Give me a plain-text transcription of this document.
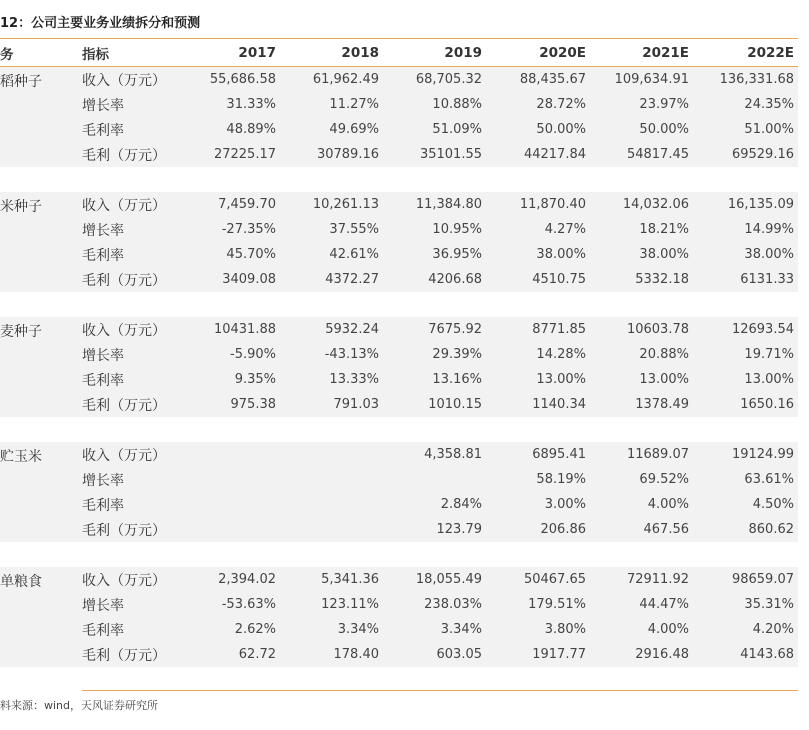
12：公司主要业务业绩拆分和预测
务	指标	2017	2018	2019	2020E	2021E	2022E
稻种子	收入（万元）	55,686.58	61,962.49	68,705.32	88,435.67	109,634.91	136,331.68
	增长率	31.33%	11.27%	10.88%	28.72%	23.97%	24.35%
	毛利率	48.89%	49.69%	51.09%	50.00%	50.00%	51.00%
	毛利（万元）	27225.17	30789.16	35101.55	44217.84	54817.45	69529.16

米种子	收入（万元）	7,459.70	10,261.13	11,384.80	11,870.40	14,032.06	16,135.09
	增长率	-27.35%	37.55%	10.95%	4.27%	18.21%	14.99%
	毛利率	45.70%	42.61%	36.95%	38.00%	38.00%	38.00%
	毛利（万元）	3409.08	4372.27	4206.68	4510.75	5332.18	6131.33

麦种子	收入（万元）	10431.88	5932.24	7675.92	8771.85	10603.78	12693.54
	增长率	-5.90%	-43.13%	29.39%	14.28%	20.88%	19.71%
	毛利率	9.35%	13.33%	13.16%	13.00%	13.00%	13.00%
	毛利（万元）	975.38	791.03	1010.15	1140.34	1378.49	1650.16

贮玉米	收入（万元）			4,358.81	6895.41	11689.07	19124.99
	增长率				58.19%	69.52%	63.61%
	毛利率			2.84%	3.00%	4.00%	4.50%
	毛利（万元）			123.79	206.86	467.56	860.62

单粮食	收入（万元）	2,394.02	5,341.36	18,055.49	50467.65	72911.92	98659.07
	增长率	-53.63%	123.11%	238.03%	179.51%	44.47%	35.31%
	毛利率	2.62%	3.34%	3.34%	3.80%	4.00%	4.20%
	毛利（万元）	62.72	178.40	603.05	1917.77	2916.48	4143.68
料来源：wind，天风证券研究所
